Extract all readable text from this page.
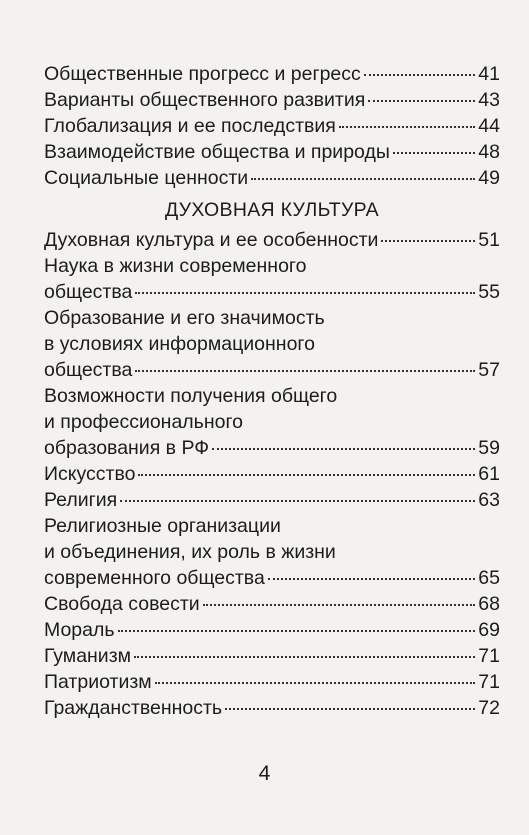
Общественные прогресс и регресс	41
Варианты общественного развития	43
Глобализация и ее последствия	44
Взаимодействие общества и природы	48
Социальные ценности	49
ДУХОВНАЯ КУЛЬТУРА
Духовная культура и ее особенности	51
Наука в жизни современного
общества	55
Образование и его значимость
в условиях информационного
общества	57
Возможности получения общего
и профессионального
образования в РФ	59
Искусство	61
Религия	63
Религиозные организации
и объединения, их роль в жизни
современного общества	65
Свобода совести	68
Мораль	69
Гуманизм	71
Патриотизм	71
Гражданственность	72
4
